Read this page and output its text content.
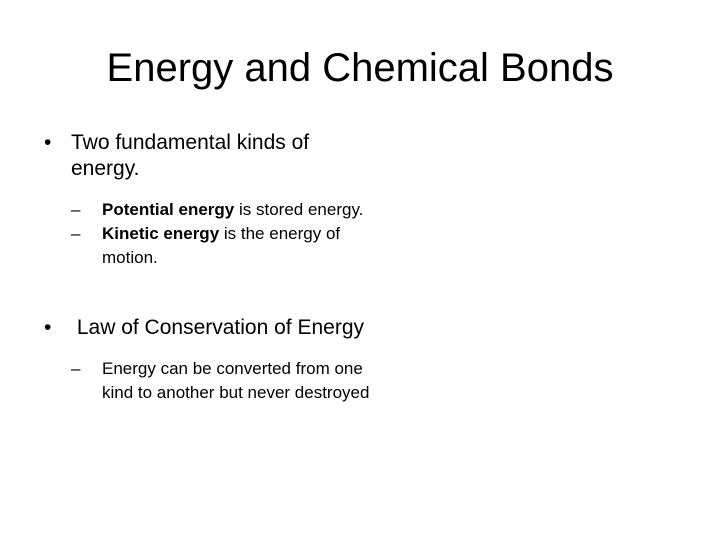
Energy and Chemical Bonds
• Two fundamental kinds of energy.
– Potential energy is stored energy.
– Kinetic energy is the energy of motion.
• Law of Conservation of Energy
– Energy can be converted from one kind to another but never destroyed
